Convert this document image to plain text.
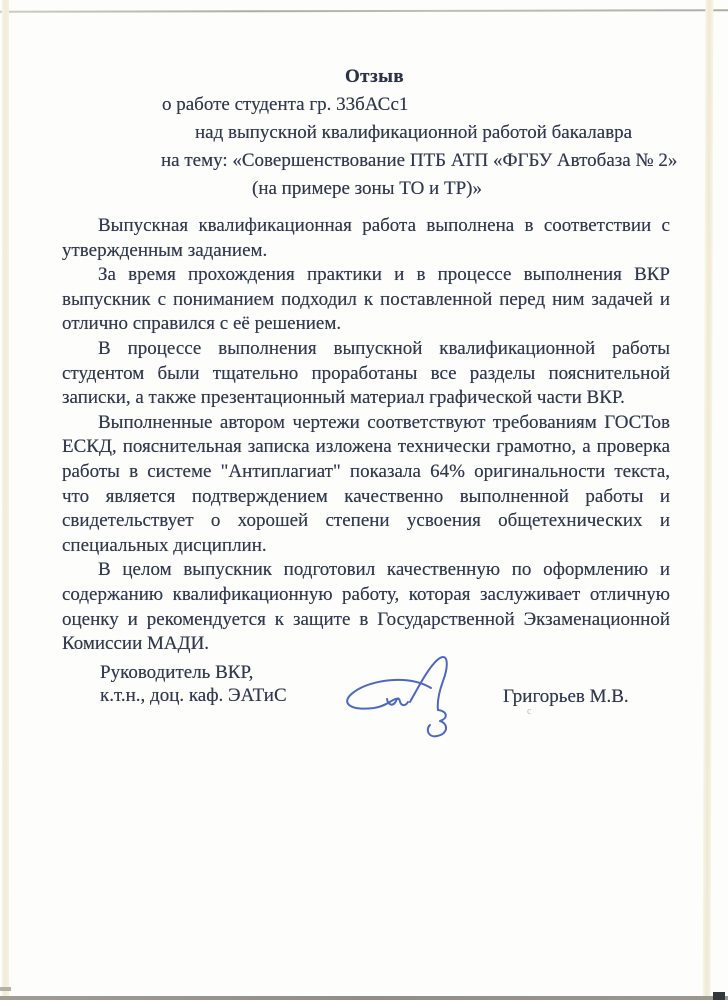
Отзыв
о работе студента гр. 33бАСс1
над выпускной квалификационной работой бакалавра
на тему: «Совершенствование ПТБ АТП «ФГБУ Автобаза № 2»
(на примере зоны ТО и ТР)»

Выпускная квалификационная работа выполнена в соответствии с утвержденным заданием.

За время прохождения практики и в процессе выполнения ВКР выпускник с пониманием подходил к поставленной перед ним задачей и отлично справился с её решением.

В процессе выполнения выпускной квалификационной работы студентом были тщательно проработаны все разделы пояснительной записки, а также презентационный материал графической части ВКР.

Выполненные автором чертежи соответствуют требованиям ГОСТов ЕСКД, пояснительная записка изложена технически грамотно, а проверка работы в системе "Антиплагиат" показала 64% оригинальности текста, что является подтверждением качественно выполненной работы и свидетельствует о хорошей степени усвоения общетехнических и специальных дисциплин.

В целом выпускник подготовил качественную по оформлению и содержанию квалификационную работу, которая заслуживает отличную оценку и рекомендуется к защите в Государственной Экзаменационной Комиссии МАДИ.

Руководитель ВКР,
к.т.н., доц. каф. ЭАТиС	Григорьев М.В.
c
